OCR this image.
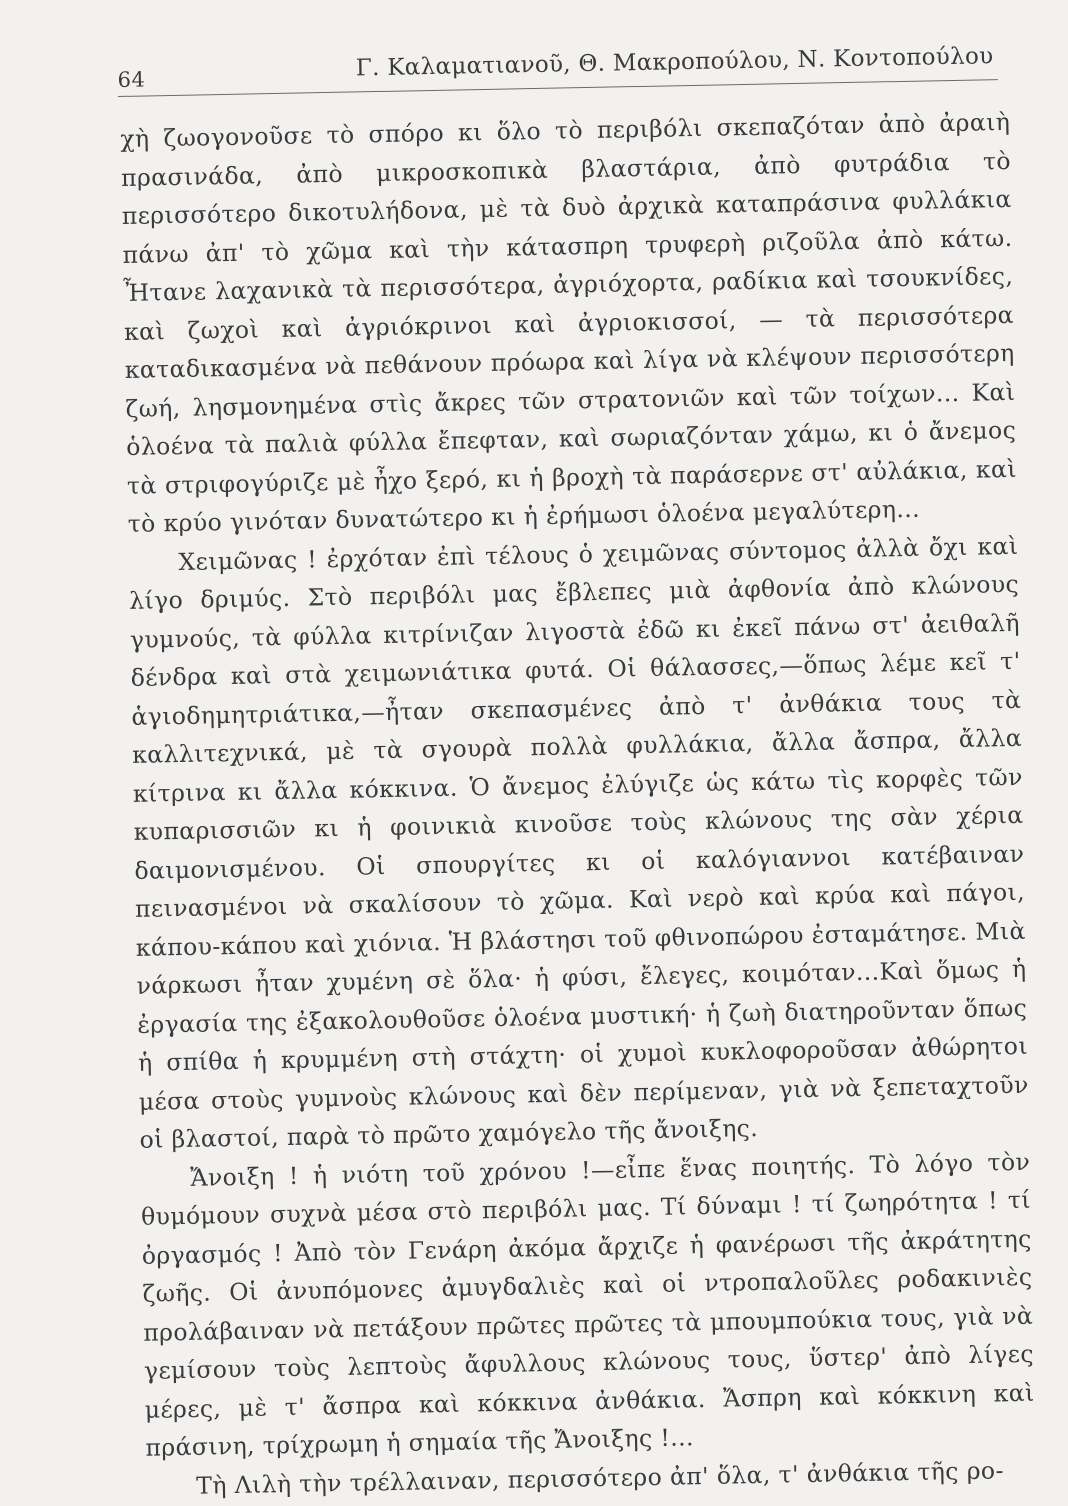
64	Γ. Καλαματιανοῦ, Θ. Μακροπούλου, Ν. Κοντοπούλου

χὴ ζωογονοῦσε τὸ σπόρο κι ὅλο τὸ περιβόλι σκεπαζόταν ἀπὸ ἀραιὴ πρασινάδα, ἀπὸ μικροσκοπικὰ βλαστάρια, ἀπὸ φυτράδια τὸ περισσότερο δικοτυλήδονα, μὲ τὰ δυὸ ἀρχικὰ καταπράσινα φυλλάκια πάνω ἀπ' τὸ χῶμα καὶ τὴν κάτασπρη τρυφερὴ ριζοῦλα ἀπὸ κάτω. Ἦτανε λαχανικὰ τὰ περισσότερα, ἀγριόχορτα, ραδίκια καὶ τσουκνίδες, καὶ ζωχοὶ καὶ ἀγριόκρινοι καὶ ἀγριοκισσοί, — τὰ περισσότερα καταδικασμένα νὰ πεθάνουν πρόωρα καὶ λίγα νὰ κλέψουν περισσότερη ζωή, λησμονημένα στὶς ἄκρες τῶν στρατονιῶν καὶ τῶν τοίχων... Καὶ ὁλοένα τὰ παλιὰ φύλλα ἔπεφταν, καὶ σωριαζόνταν χάμω, κι ὁ ἄνεμος τὰ στριφογύριζε μὲ ἦχο ξερό, κι ἡ βροχὴ τὰ παράσερνε στ' αὐλάκια, καὶ τὸ κρύο γινόταν δυνατώτερο κι ἡ ἐρήμωσι ὁλοένα μεγαλύτερη...

Χειμῶνας ! ἐρχόταν ἐπὶ τέλους ὁ χειμῶνας σύντομος ἀλλὰ ὄχι καὶ λίγο δριμύς. Στὸ περιβόλι μας ἔβλεπες μιὰ ἀφθονία ἀπὸ κλώνους γυμνούς, τὰ φύλλα κιτρίνιζαν λιγοστὰ ἐδῶ κι ἐκεῖ πάνω στ' ἀειθαλῆ δένδρα καὶ στὰ χειμωνιάτικα φυτά. Οἱ θάλασσες,—ὅπως λέμε κεῖ τ' ἁγιοδημητριάτικα,—ἦταν σκεπασμένες ἀπὸ τ' ἀνθάκια τους τὰ καλλιτεχνικά, μὲ τὰ σγουρὰ πολλὰ φυλλάκια, ἄλλα ἄσπρα, ἄλλα κίτρινα κι ἄλλα κόκκινα. Ὁ ἄνεμος ἐλύγιζε ὡς κάτω τὶς κορφὲς τῶν κυπαρισσιῶν κι ἡ φοινικιὰ κινοῦσε τοὺς κλώνους της σὰν χέρια δαιμονισμένου. Οἱ σπουργίτες κι οἱ καλόγιαννοι κατέβαιναν πεινασμένοι νὰ σκαλίσουν τὸ χῶμα. Καὶ νερὸ καὶ κρύα καὶ πάγοι, κάπου-κάπου καὶ χιόνια. Ἡ βλάστησι τοῦ φθινοπώρου ἐσταμάτησε. Μιὰ νάρκωσι ἦταν χυμένη σὲ ὅλα· ἡ φύσι, ἔλεγες, κοιμόταν...Καὶ ὅμως ἡ ἐργασία της ἐξακολουθοῦσε ὁλοένα μυστική· ἡ ζωὴ διατηροῦνταν ὅπως ἡ σπίθα ἡ κρυμμένη στὴ στάχτη· οἱ χυμοὶ κυκλοφοροῦσαν ἀθώρητοι μέσα στοὺς γυμνοὺς κλώνους καὶ δὲν περίμεναν, γιὰ νὰ ξεπεταχτοῦν οἱ βλαστοί, παρὰ τὸ πρῶτο χαμόγελο τῆς ἄνοιξης.

Ἄνοιξη ! ἡ νιότη τοῦ χρόνου !—εἶπε ἕνας ποιητής. Τὸ λόγο τὸν θυμόμουν συχνὰ μέσα στὸ περιβόλι μας. Τί δύναμι ! τί ζωηρότητα ! τί ὀργασμός ! Ἀπὸ τὸν Γενάρη ἀκόμα ἄρχιζε ἡ φανέρωσι τῆς ἀκράτητης ζωῆς. Οἱ ἀνυπόμονες ἀμυγδαλιὲς καὶ οἱ ντροπαλοῦλες ροδακινιὲς προλάβαιναν νὰ πετάξουν πρῶτες πρῶτες τὰ μπουμπούκια τους, γιὰ νὰ γεμίσουν τοὺς λεπτοὺς ἄφυλλους κλώνους τους, ὕστερ' ἀπὸ λίγες μέρες, μὲ τ' ἄσπρα καὶ κόκκινα ἀνθάκια. Ἄσπρη καὶ κόκκινη καὶ πράσινη, τρίχρωμη ἡ σημαία τῆς Ἄνοιξης !...

Τὴ Λιλὴ τὴν τρέλλαιναν, περισσότερο ἀπ' ὅλα, τ' ἀνθάκια τῆς ρο-
